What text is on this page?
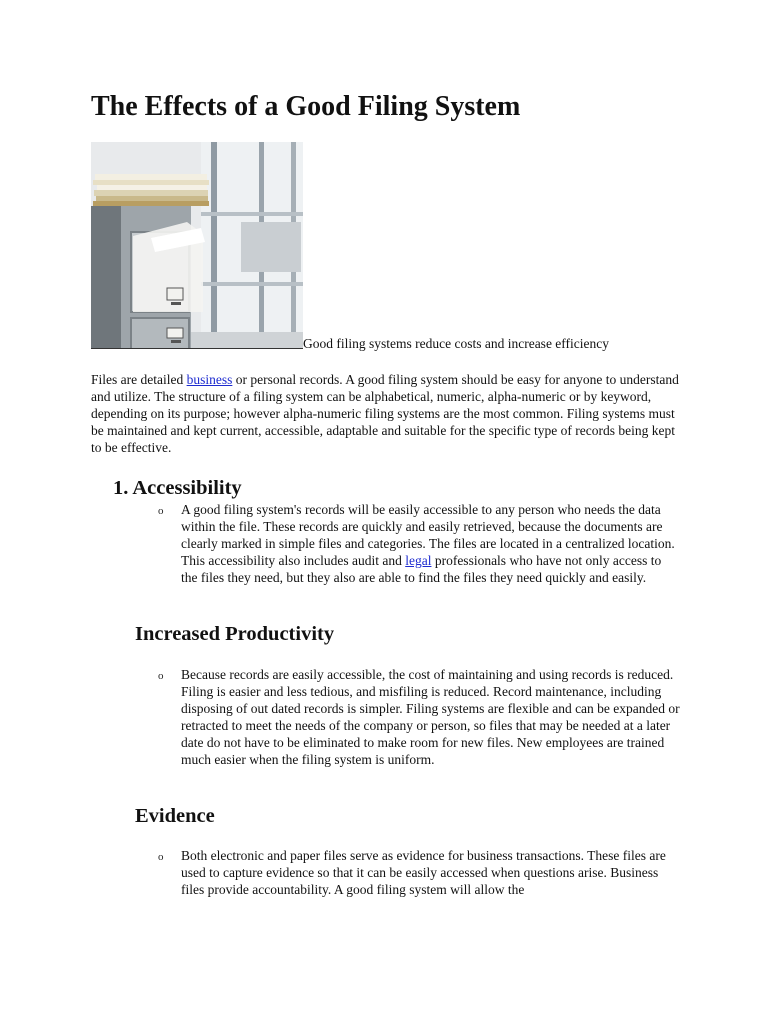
The Effects of a Good Filing System
Good filing systems reduce costs and increase efficiency

Files are detailed business or personal records. A good filing system should be easy for anyone to understand and utilize. The structure of a filing system can be alphabetical, numeric, alpha-numeric or by keyword, depending on its purpose; however alpha-numeric filing systems are the most common. Filing systems must be maintained and kept current, accessible, adaptable and suitable for the specific type of records being kept to be effective.

1. Accessibility
o A good filing system's records will be easily accessible to any person who needs the data within the file. These records are quickly and easily retrieved, because the documents are clearly marked in simple files and categories. The files are located in a centralized location. This accessibility also includes audit and legal professionals who have not only access to the files they need, but they also are able to find the files they need quickly and easily.

Increased Productivity
o Because records are easily accessible, the cost of maintaining and using records is reduced. Filing is easier and less tedious, and misfiling is reduced. Record maintenance, including disposing of out dated records is simpler. Filing systems are flexible and can be expanded or retracted to meet the needs of the company or person, so files that may be needed at a later date do not have to be eliminated to make room for new files. New employees are trained much easier when the filing system is uniform.

Evidence
o Both electronic and paper files serve as evidence for business transactions. These files are used to capture evidence so that it can be easily accessed when questions arise. Business files provide accountability. A good filing system will allow the
